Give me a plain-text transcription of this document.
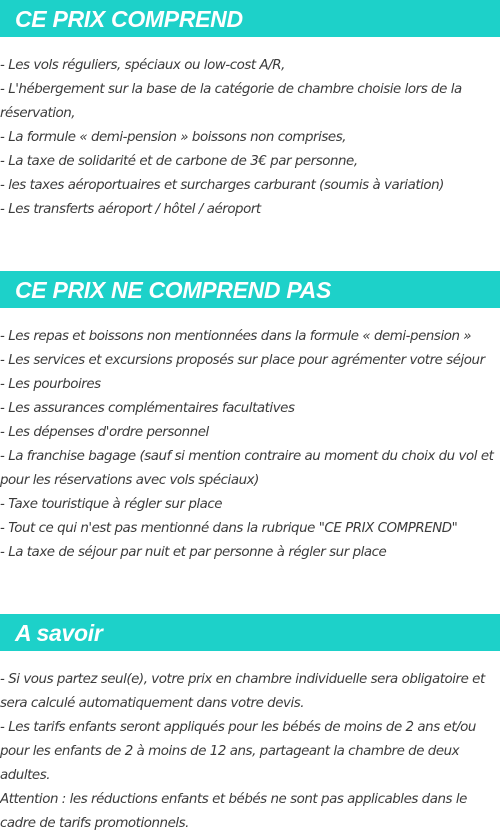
CE PRIX COMPREND
- Les vols réguliers, spéciaux ou low-cost A/R,
- L'hébergement sur la base de la catégorie de chambre choisie lors de la réservation,
- La formule « demi-pension » boissons non comprises,
- La taxe de solidarité et de carbone de 3€ par personne,
- les taxes aéroportuaires et surcharges carburant (soumis à variation)
- Les transferts aéroport / hôtel / aéroport
CE PRIX NE COMPREND PAS
- Les repas et boissons non mentionnées dans la formule « demi-pension »
- Les services et excursions proposés sur place pour agrémenter votre séjour
- Les pourboires
- Les assurances complémentaires facultatives
- Les dépenses d'ordre personnel
- La franchise bagage (sauf si mention contraire au moment du choix du vol et pour les réservations avec vols spéciaux)
- Taxe touristique à régler sur place
- Tout ce qui n'est pas mentionné dans la rubrique "CE PRIX COMPREND"
- La taxe de séjour par nuit et par personne à régler sur place
A savoir
- Si vous partez seul(e), votre prix en chambre individuelle sera obligatoire et sera calculé automatiquement dans votre devis.
- Les tarifs enfants seront appliqués pour les bébés de moins de 2 ans et/ou pour les enfants de 2 à moins de 12 ans, partageant la chambre de deux adultes.
Attention : les réductions enfants et bébés ne sont pas applicables dans le cadre de tarifs promotionnels.
